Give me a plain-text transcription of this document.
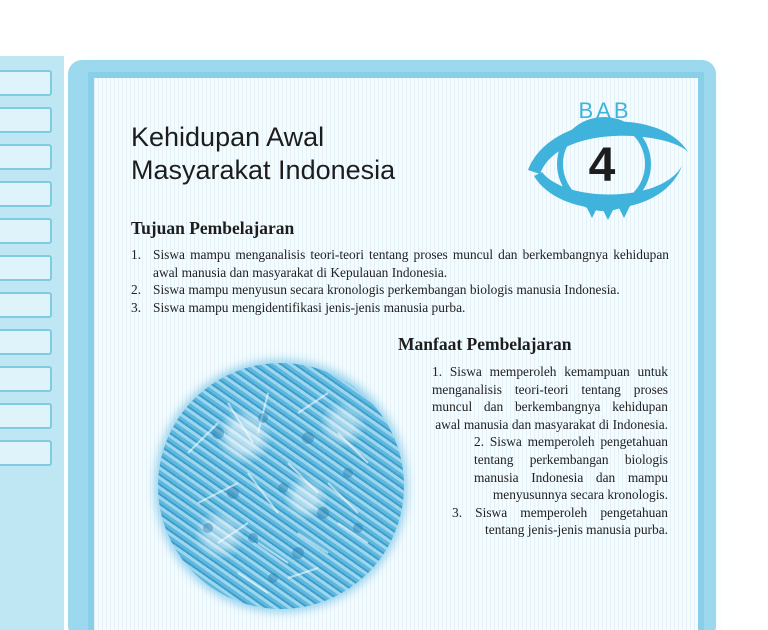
Kehidupan Awal
Masyarakat Indonesia
BAB
4
Tujuan Pembelajaran
1. Siswa mampu menganalisis teori-teori tentang proses muncul dan berkembangnya kehidupan awal manusia dan masyarakat di Kepulauan Indonesia.
2. Siswa mampu menyusun secara kronologis perkembangan biologis manusia Indonesia.
3. Siswa mampu mengidentifikasi jenis-jenis manusia purba.
Manfaat Pembelajaran

1. Siswa memperoleh kemampuan untuk menganalisis teori-teori tentang proses muncul dan berkembangnya kehidupan awal manusia dan masyarakat di Indonesia.

2. Siswa memperoleh pengetahuan tentang perkembangan biologis manusia Indonesia dan mampu menyusunnya secara kronologis.

3. Siswa memperoleh pengetahuan tentang jenis-jenis manusia purba.
